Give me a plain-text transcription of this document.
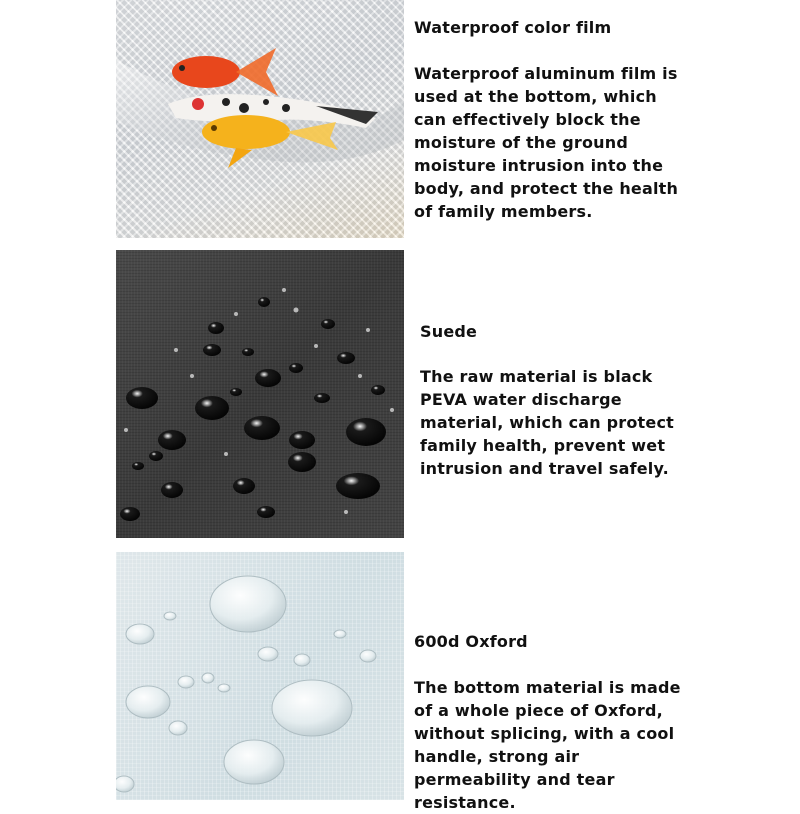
Waterproof color film
Waterproof aluminum film is used at the bottom, which can effectively block the moisture of the ground moisture intrusion into the body, and protect the health of family members.
Suede
The raw material is black PEVA water discharge material, which can protect family health, prevent wet intrusion and travel safely.
600d Oxford
The bottom material is made of a whole piece of Oxford, without splicing, with a cool handle, strong air permeability and tear resistance.
